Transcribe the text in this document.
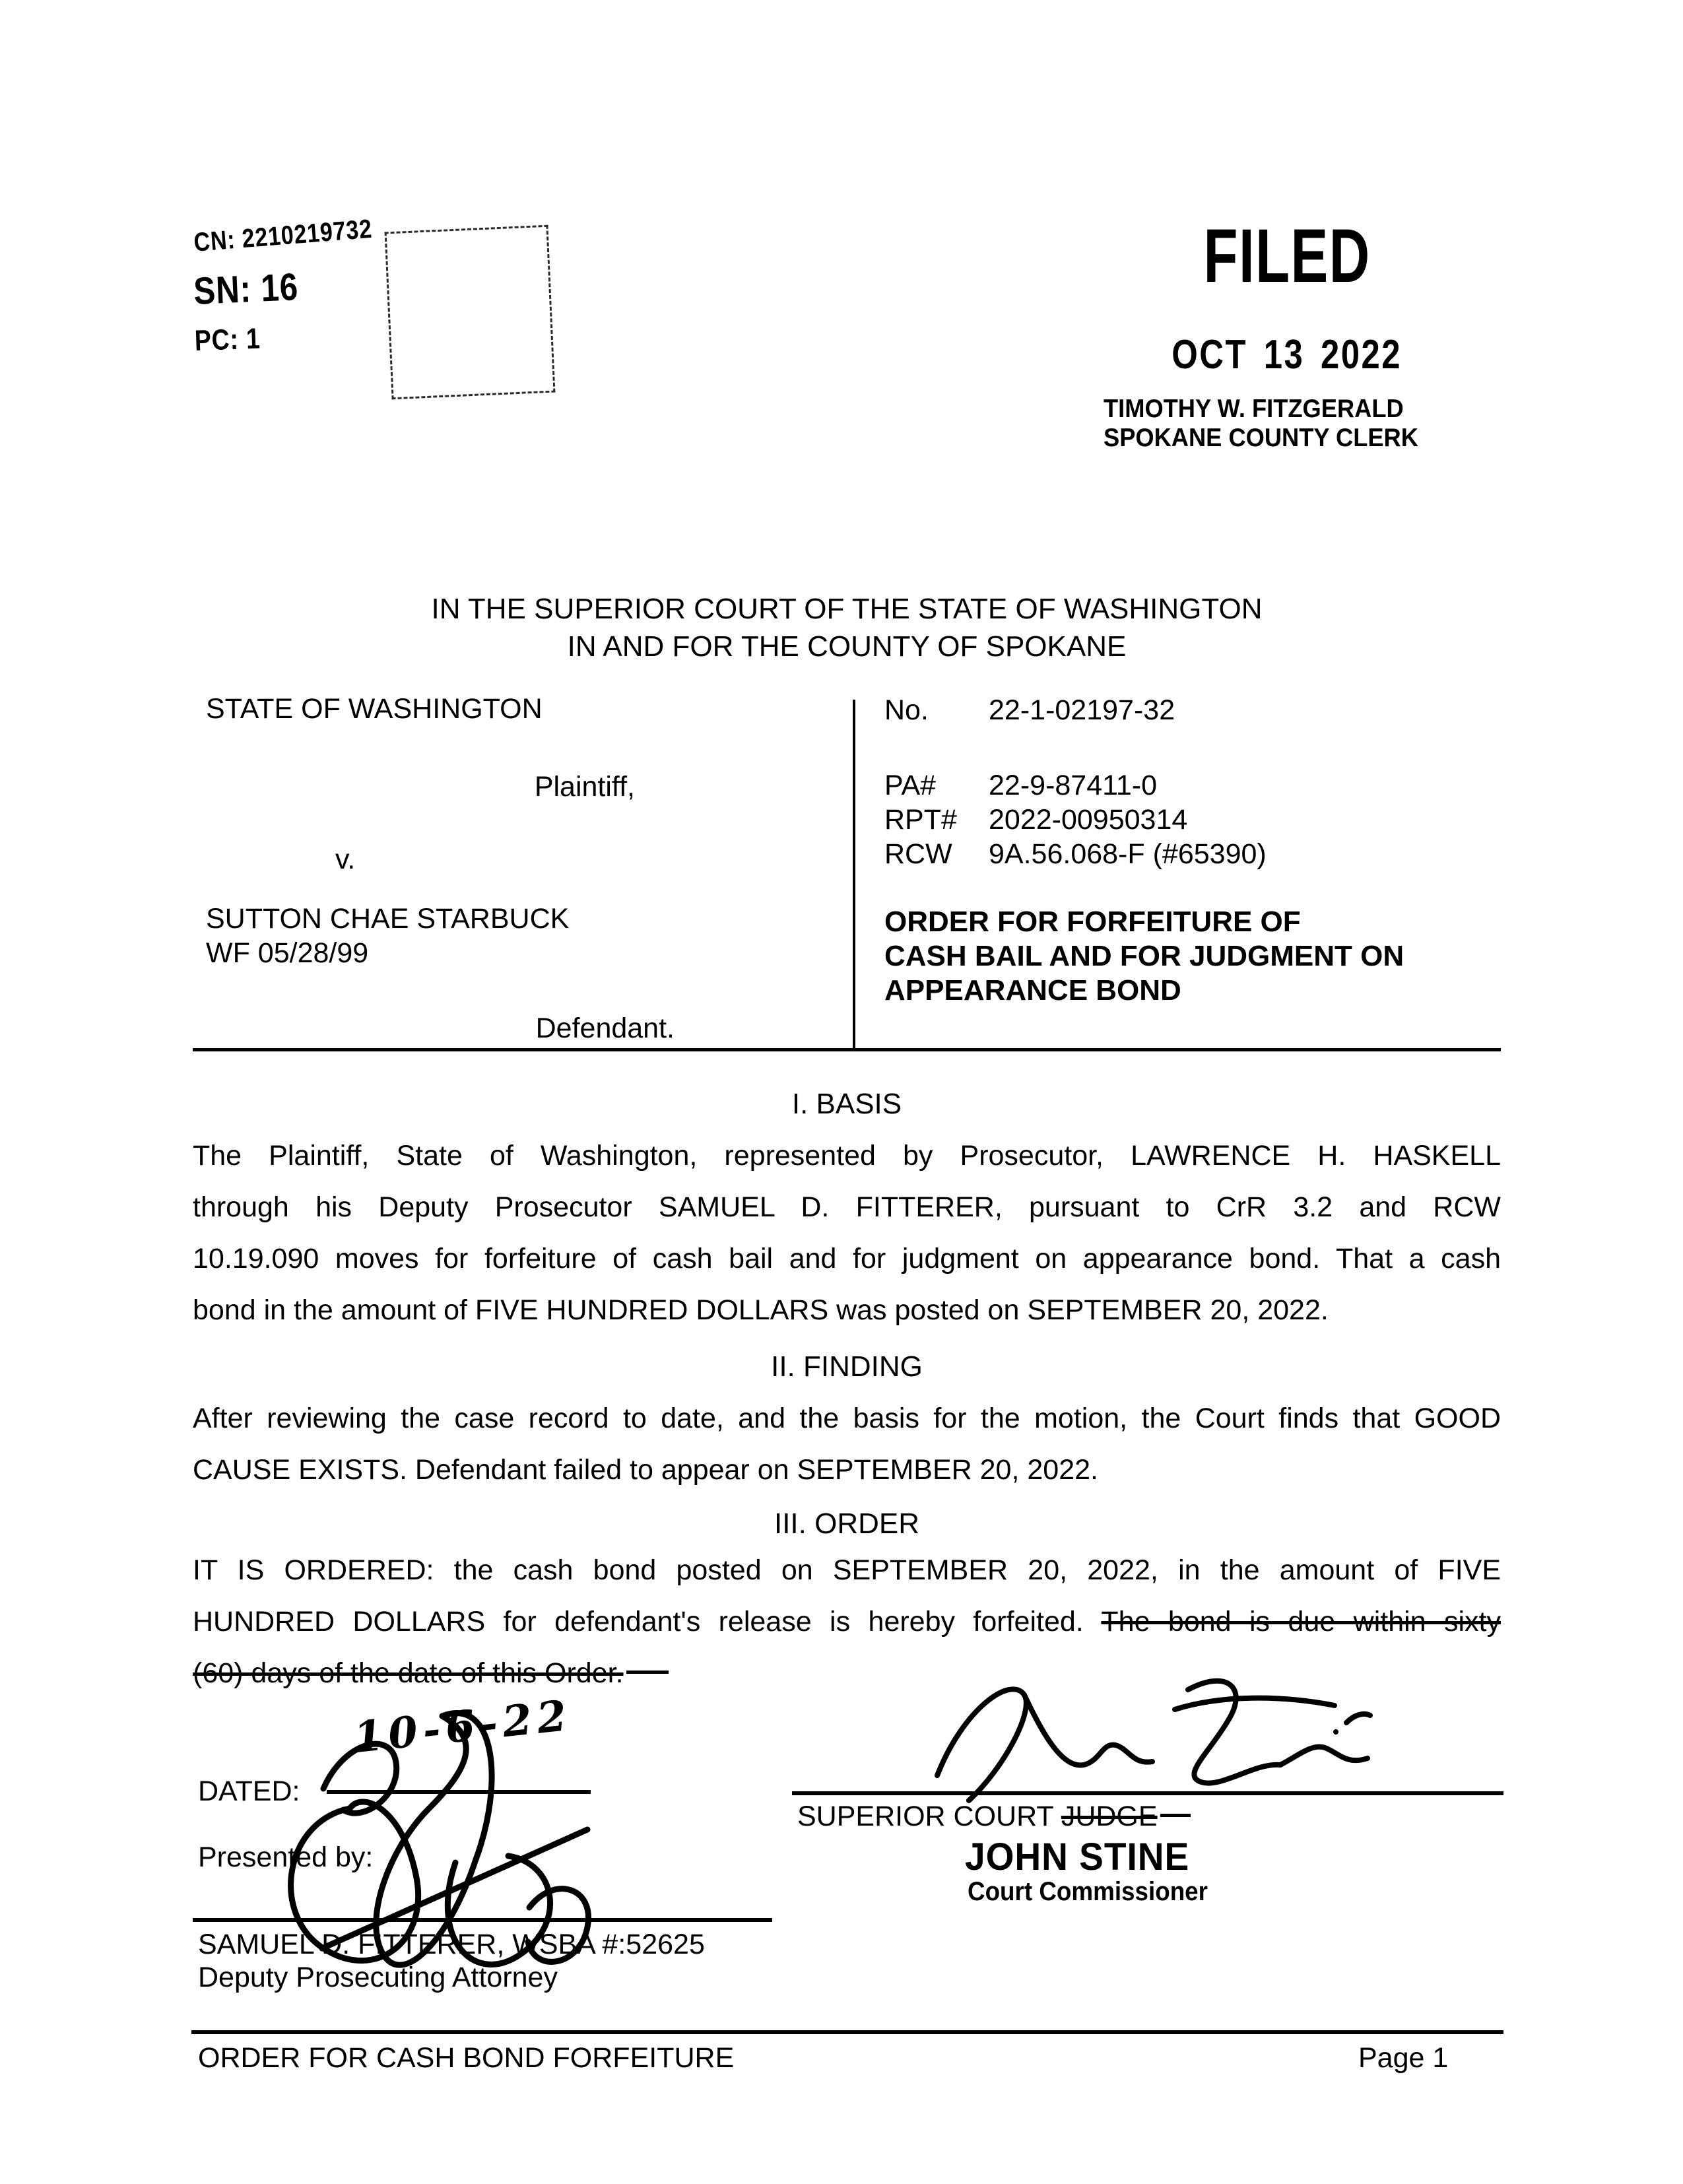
CN: 2210219732
SN: 16
PC: 1
FILED
OCT 13 2022
TIMOTHY W. FITZGERALD
SPOKANE COUNTY CLERK
IN THE SUPERIOR COURT OF THE STATE OF WASHINGTON
IN AND FOR THE COUNTY OF SPOKANE
STATE OF WASHINGTON
Plaintiff,
v.
SUTTON CHAE STARBUCK
WF 05/28/99
Defendant.
No. 22-1-02197-32
PA# 22-9-87411-0
RPT# 2022-00950314
RCW 9A.56.068-F (#65390)
ORDER FOR FORFEITURE OF
CASH BAIL AND FOR JUDGMENT ON
APPEARANCE BOND
I. BASIS
The Plaintiff, State of Washington, represented by Prosecutor, LAWRENCE H. HASKELL
through his Deputy Prosecutor SAMUEL D. FITTERER, pursuant to CrR 3.2 and RCW
10.19.090 moves for forfeiture of cash bail and for judgment on appearance bond. That a cash
bond in the amount of FIVE HUNDRED DOLLARS was posted on SEPTEMBER 20, 2022.
II. FINDING
After reviewing the case record to date, and the basis for the motion, the Court finds that GOOD
CAUSE EXISTS. Defendant failed to appear on SEPTEMBER 20, 2022.
III. ORDER
IT IS ORDERED: the cash bond posted on SEPTEMBER 20, 2022, in the amount of FIVE
HUNDRED DOLLARS for defendant's release is hereby forfeited. The bond is due within sixty
(60) days of the date of this Order.
DATED:
10-6-22
Presented by:
SAMUEL D. FITTERER, WSBA #:52625
Deputy Prosecuting Attorney
SUPERIOR COURT JUDGE
JOHN STINE
Court Commissioner
ORDER FOR CASH BOND FORFEITURE	Page 1
